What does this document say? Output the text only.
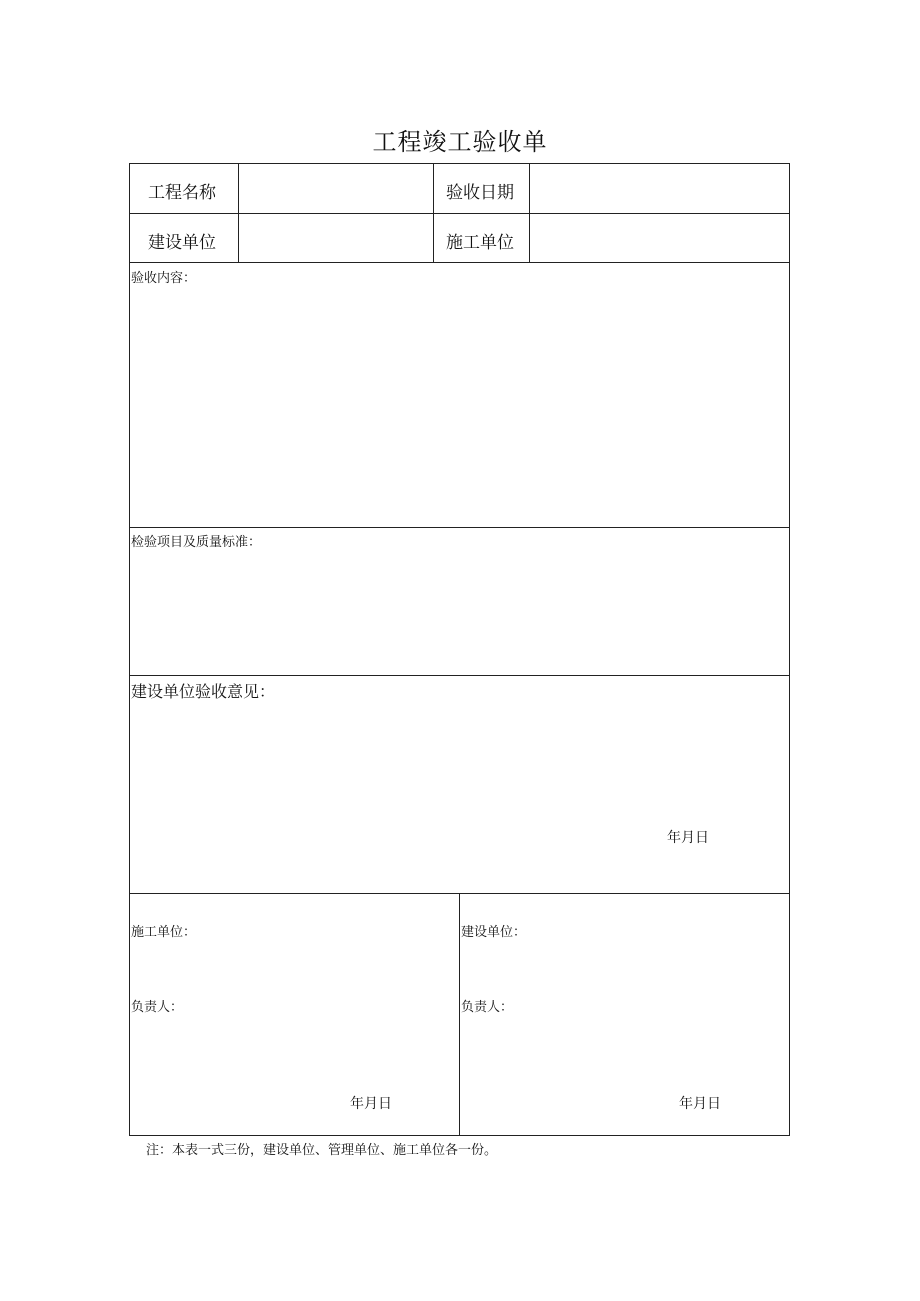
工程竣工验收单
工程名称	验收日期
建设单位	施工单位
验收内容：
检验项目及质量标准：
建设单位验收意见：
年月日
施工单位：
负责人：
年月日
建设单位：
负责人：
年月日
注：本表一式三份，建设单位、管理单位、施工单位各一份。
